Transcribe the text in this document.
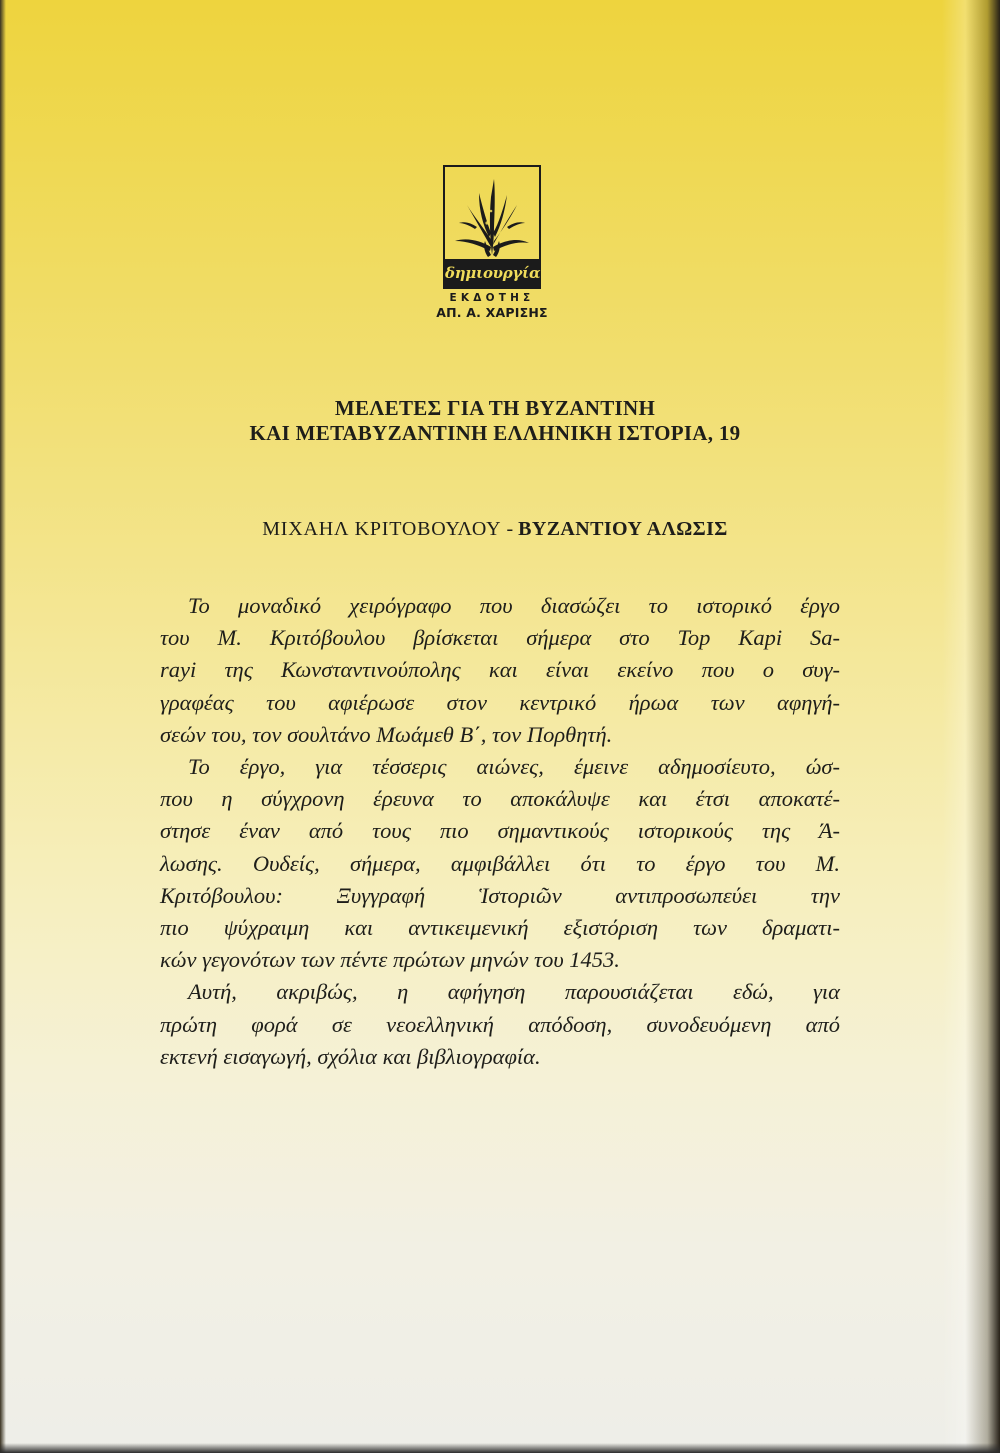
δημιουργία
ΕΚΔΟΤΗΣ
ΑΠ. Α. ΧΑΡΙΣΗΣ
ΜΕΛΕΤΕΣ ΓΙΑ ΤΗ ΒΥΖΑΝΤΙΝΗ
ΚΑΙ ΜΕΤΑΒΥΖΑΝΤΙΝΗ ΕΛΛΗΝΙΚΗ ΙΣΤΟΡΙΑ, 19
ΜΙΧΑΗΛ ΚΡΙΤΟΒΟΥΛΟΥ - ΒΥΖΑΝΤΙΟΥ ΑΛΩΣΙΣ
Το μοναδικό χειρόγραφο που διασώζει το ιστορικό έργο
του Μ. Κριτόβουλου βρίσκεται σήμερα στο Top Kapi Sa-
rayi της Κωνσταντινούπολης και είναι εκείνο που ο συγ-
γραφέας του αφιέρωσε στον κεντρικό ήρωα των αφηγή-
σεών του, τον σουλτάνο Μωάμεθ Β΄, τον Πορθητή.
Το έργο, για τέσσερις αιώνες, έμεινε αδημοσίευτο, ώσ-
που η σύγχρονη έρευνα το αποκάλυψε και έτσι αποκατέ-
στησε έναν από τους πιο σημαντικούς ιστορικούς της Ά-
λωσης. Ουδείς, σήμερα, αμφιβάλλει ότι το έργο του Μ.
Κριτόβουλου: Ξυγγραφή Ἱστοριῶν αντιπροσωπεύει την
πιο ψύχραιμη και αντικειμενική εξιστόριση των δραματι-
κών γεγονότων των πέντε πρώτων μηνών του 1453.
Αυτή, ακριβώς, η αφήγηση παρουσιάζεται εδώ, για
πρώτη φορά σε νεοελληνική απόδοση, συνοδευόμενη από
εκτενή εισαγωγή, σχόλια και βιβλιογραφία.
